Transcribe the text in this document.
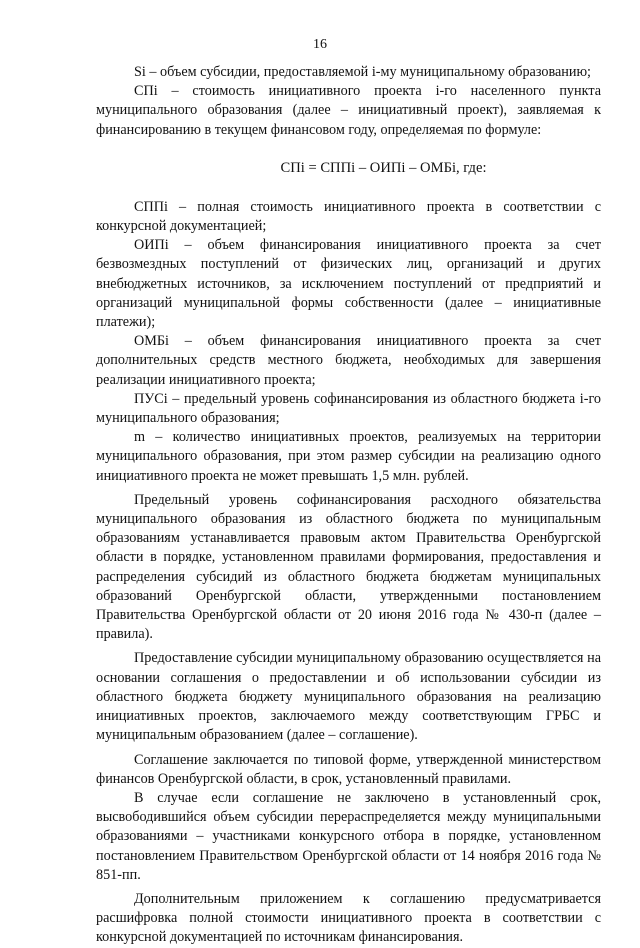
16

Si – объем субсидии, предоставляемой i-му муниципальному образованию;

СПi – стоимость инициативного проекта i-го населенного пункта муниципального образования (далее – инициативный проект), заявляемая к финансированию в текущем финансовом году, определяемая по формуле:

СПi = СППi – ОИПi – ОМБi, где:

СППi – полная стоимость инициативного проекта в соответствии с конкурсной документацией;

ОИПi – объем финансирования инициативного проекта за счет безвозмездных поступлений от физических лиц, организаций и других внебюджетных источников, за исключением поступлений от предприятий и организаций муниципальной формы собственности (далее – инициативные платежи);

ОМБi – объем финансирования инициативного проекта за счет дополнительных средств местного бюджета, необходимых для завершения реализации инициативного проекта;

ПУСi – предельный уровень софинансирования из областного бюджета i-го муниципального образования;

m – количество инициативных проектов, реализуемых на территории муниципального образования, при этом размер субсидии на реализацию одного инициативного проекта не может превышать 1,5 млн. рублей.

Предельный уровень софинансирования расходного обязательства муниципального образования из областного бюджета по муниципальным образованиям устанавливается правовым актом Правительства Оренбургской области в порядке, установленном правилами формирования, предоставления и распределения субсидий из областного бюджета бюджетам муниципальных образований Оренбургской области, утвержденными постановлением Правительства Оренбургской области от 20 июня 2016 года № 430-п (далее – правила).

Предоставление субсидии муниципальному образованию осуществляется на основании соглашения о предоставлении и об использовании субсидии из областного бюджета бюджету муниципального образования на реализацию инициативных проектов, заключаемого между соответствующим ГРБС и муниципальным образованием (далее – соглашение).

Соглашение заключается по типовой форме, утвержденной министерством финансов Оренбургской области, в срок, установленный правилами.

В случае если соглашение не заключено в установленный срок, высвободившийся объем субсидии перераспределяется между муниципальными образованиями – участниками конкурсного отбора в порядке, установленном постановлением Правительством Оренбургской области от 14 ноября 2016 года № 851-пп.

Дополнительным приложением к соглашению предусматривается расшифровка полной стоимости инициативного проекта в соответствии с конкурсной документацией по источникам финансирования.
